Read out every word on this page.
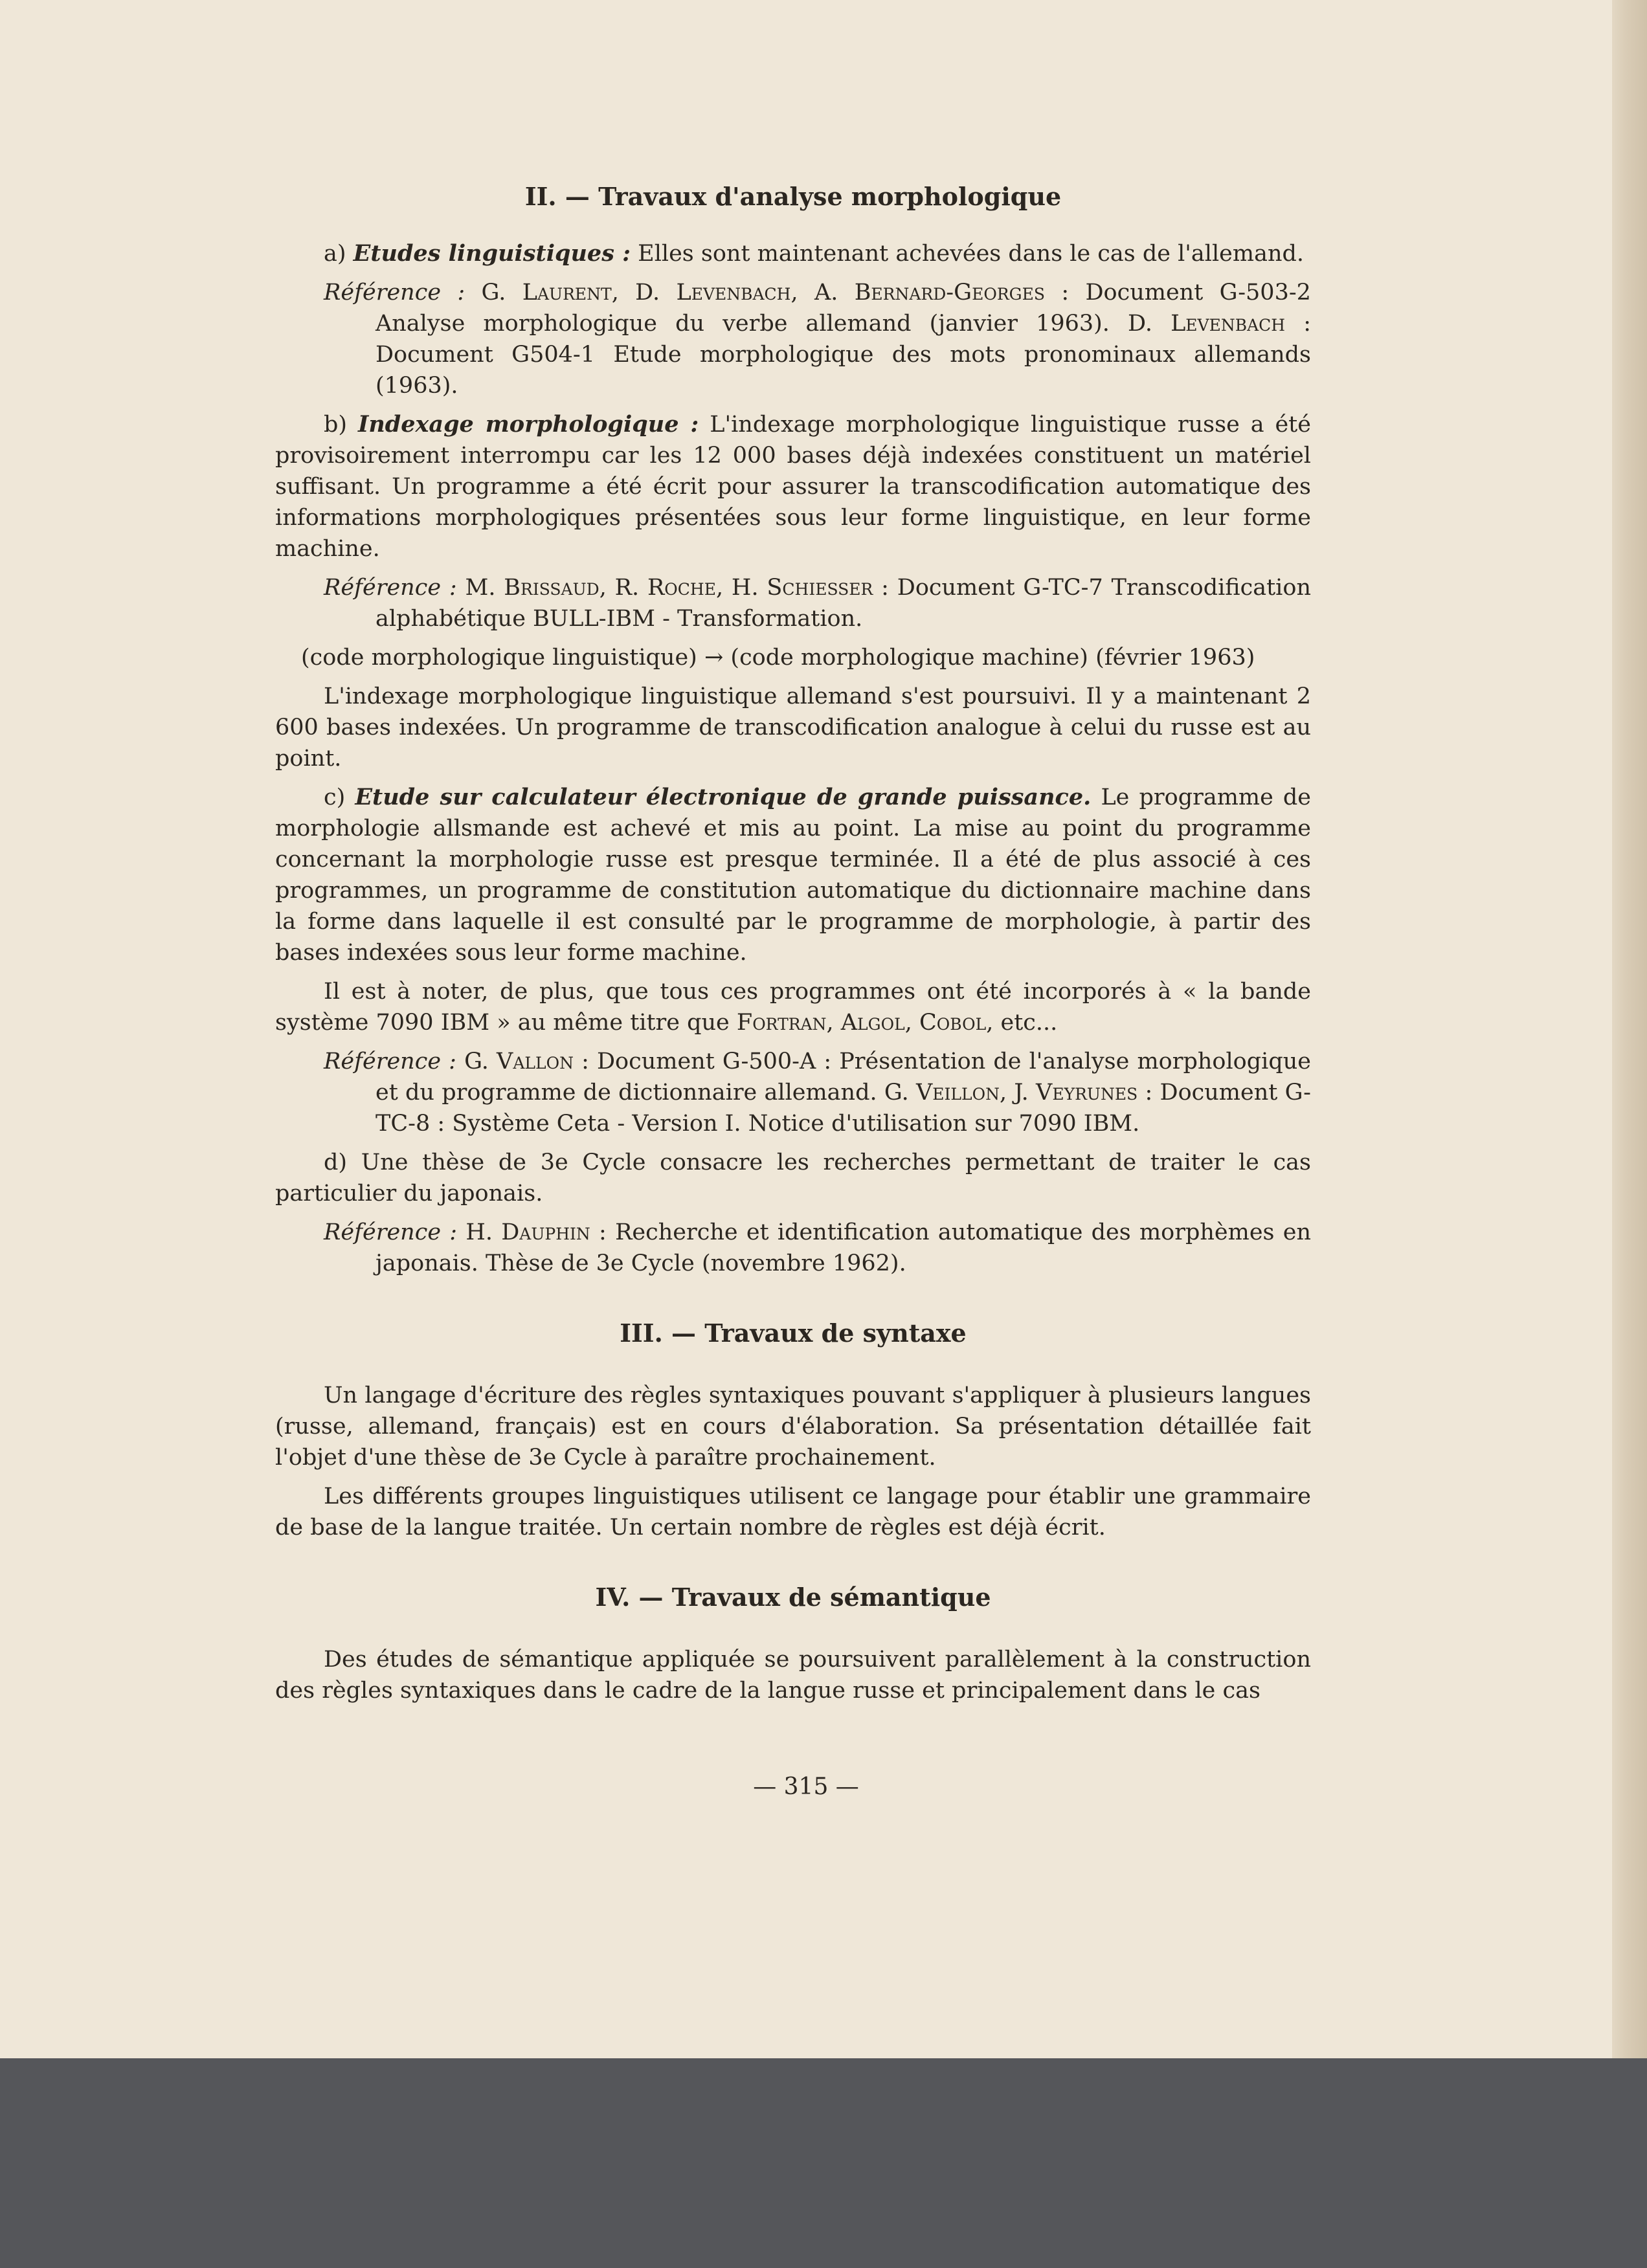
II. — Travaux d'analyse morphologique

a) Etudes linguistiques : Elles sont maintenant achevées dans le cas de l'allemand.

Référence : G. Laurent, D. Levenbach, A. Bernard-Georges : Document G-503-2 Analyse morphologique du verbe allemand (janvier 1963). D. Levenbach : Document G504-1 Etude morphologique des mots pronominaux allemands (1963).

b) Indexage morphologique : L'indexage morphologique linguistique russe a été provisoirement interrompu car les 12 000 bases déjà indexées constituent un matériel suffisant. Un programme a été écrit pour assurer la transcodification automatique des informations morphologiques présentées sous leur forme linguistique, en leur forme machine.

Référence : M. Brissaud, R. Roche, H. Schiesser : Document G-TC-7 Transcodification alphabétique BULL-IBM - Transformation.

(code morphologique linguistique) → (code morphologique machine) (février 1963)

L'indexage morphologique linguistique allemand s'est poursuivi. Il y a maintenant 2 600 bases indexées. Un programme de transcodification analogue à celui du russe est au point.

c) Etude sur calculateur électronique de grande puissance. Le programme de morphologie allsmande est achevé et mis au point. La mise au point du programme concernant la morphologie russe est presque terminée. Il a été de plus associé à ces programmes, un programme de constitution automatique du dictionnaire machine dans la forme dans laquelle il est consulté par le programme de morphologie, à partir des bases indexées sous leur forme machine.

Il est à noter, de plus, que tous ces programmes ont été incorporés à « la bande système 7090 IBM » au même titre que Fortran, Algol, Cobol, etc...

Référence : G. Vallon : Document G-500-A : Présentation de l'analyse morphologique et du programme de dictionnaire allemand. G. Veillon, J. Veyrunes : Document G-TC-8 : Système Ceta - Version I. Notice d'utilisation sur 7090 IBM.

d) Une thèse de 3e Cycle consacre les recherches permettant de traiter le cas particulier du japonais.

Référence : H. Dauphin : Recherche et identification automatique des morphèmes en japonais. Thèse de 3e Cycle (novembre 1962).

III. — Travaux de syntaxe

Un langage d'écriture des règles syntaxiques pouvant s'appliquer à plusieurs langues (russe, allemand, français) est en cours d'élaboration. Sa présentation détaillée fait l'objet d'une thèse de 3e Cycle à paraître prochainement.

Les différents groupes linguistiques utilisent ce langage pour établir une grammaire de base de la langue traitée. Un certain nombre de règles est déjà écrit.

IV. — Travaux de sémantique

Des études de sémantique appliquée se poursuivent parallèlement à la construction des règles syntaxiques dans le cadre de la langue russe et principalement dans le cas

— 315 —
